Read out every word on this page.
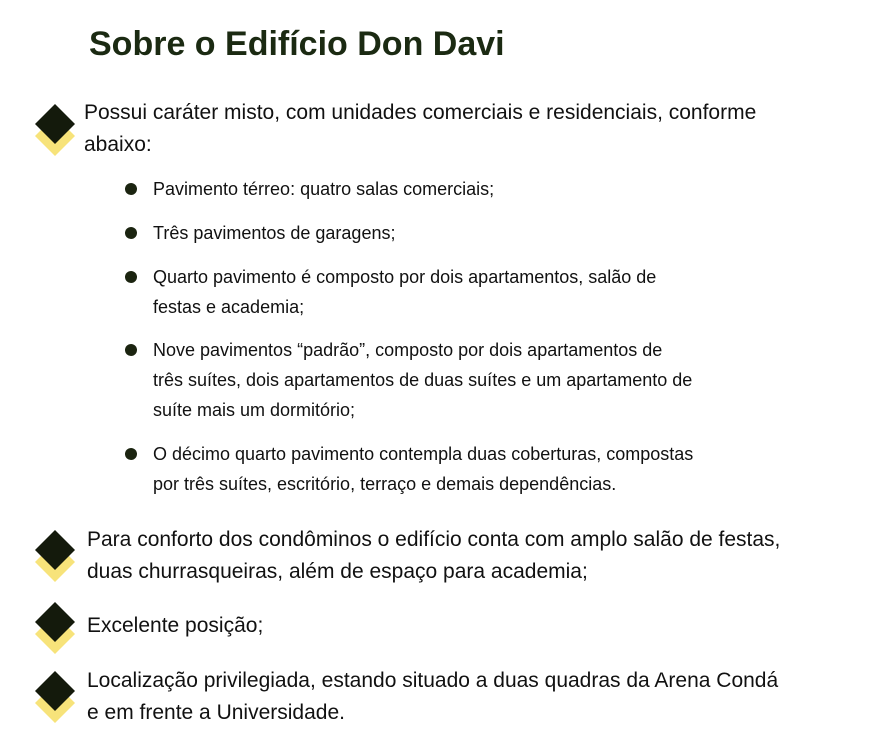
Sobre o Edifício Don Davi
Possui caráter misto, com unidades comerciais e residenciais, conforme
abaixo:
Pavimento térreo: quatro salas comerciais;
Três pavimentos de garagens;
Quarto pavimento é composto por dois apartamentos, salão de
festas e academia;
Nove pavimentos “padrão”, composto por dois apartamentos de
três suítes, dois apartamentos de duas suítes e um apartamento de
suíte mais um dormitório;
O décimo quarto pavimento contempla duas coberturas, compostas
por três suítes, escritório, terraço e demais dependências.
Para conforto dos condôminos o edifício conta com amplo salão de festas,
duas churrasqueiras, além de espaço para academia;
Excelente posição;
Localização privilegiada, estando situado a duas quadras da Arena Condá
e em frente a Universidade.
